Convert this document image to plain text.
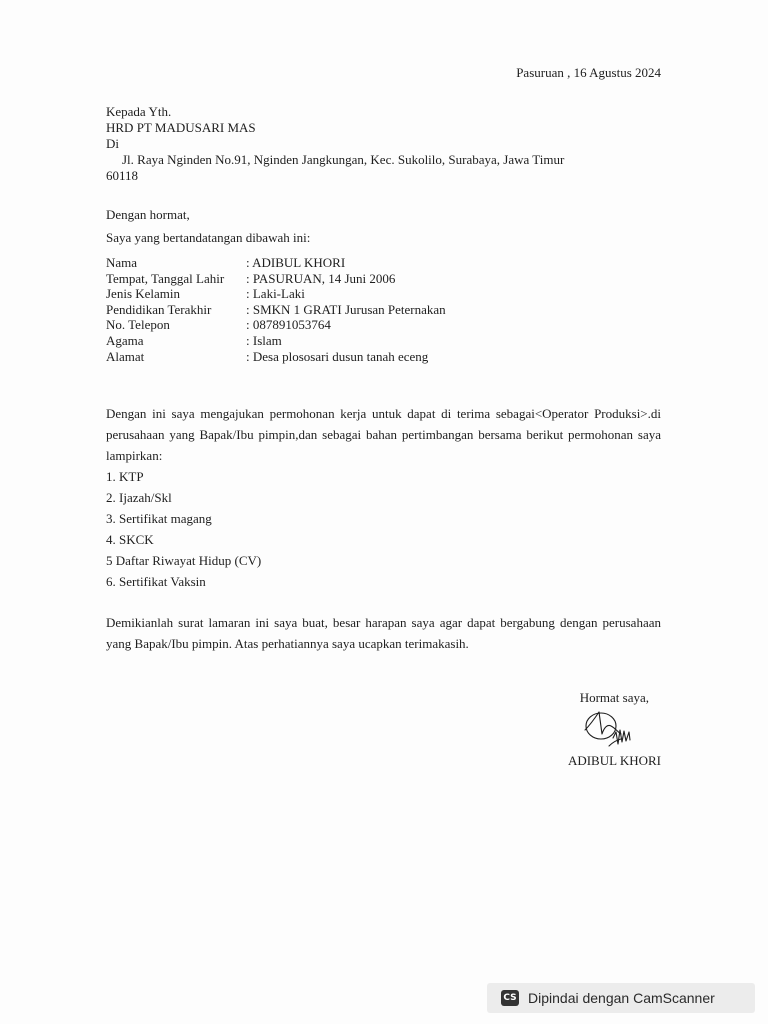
Pasuruan , 16 Agustus 2024
Kepada Yth.
HRD PT MADUSARI MAS
Di
Jl. Raya Nginden No.91, Nginden Jangkungan, Kec. Sukolilo, Surabaya, Jawa Timur
60118
Dengan hormat,
Saya yang bertandatangan dibawah ini:
Nama	: ADIBUL KHORI
Tempat, Tanggal Lahir	: PASURUAN, 14 Juni 2006
Jenis Kelamin	: Laki-Laki
Pendidikan Terakhir	: SMKN 1 GRATI Jurusan Peternakan
No. Telepon	: 087891053764
Agama	: Islam
Alamat	: Desa plososari dusun tanah eceng
Dengan ini saya mengajukan permohonan kerja untuk dapat di terima sebagai<Operator Produksi>.di perusahaan yang Bapak/Ibu pimpin,dan sebagai bahan pertimbangan bersama berikut permohonan saya lampirkan:
1. KTP
2. Ijazah/Skl
3. Sertifikat magang
4. SKCK
5 Daftar Riwayat Hidup (CV)
6. Sertifikat Vaksin
Demikianlah surat lamaran ini saya buat, besar harapan saya agar dapat bergabung dengan perusahaan yang Bapak/Ibu pimpin. Atas perhatiannya saya ucapkan terimakasih.
Hormat saya,
ADIBUL KHORI
CS Dipindai dengan CamScanner
